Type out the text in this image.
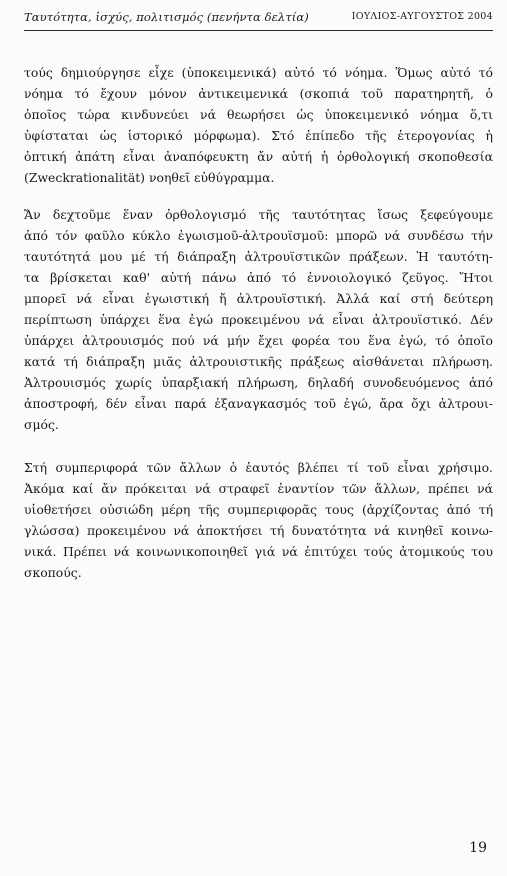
Ταυτότητα, ἰσχύς, πολιτισμός (πενήντα δελτία)	ΙΟΥΛΙΟΣ-ΑΥΓΟΥΣΤΟΣ 2004
τούς δημιούργησε εἶχε (ὑποκειμενικά) αὐτό τό νόημα. Ὅμως αὐτό τό
νόημα τό ἔχουν μόνον ἀντικειμενικά (σκοπιά τοῦ παρατηρητῆ, ὁ
ὁποῖος τώρα κινδυνεύει νά θεωρήσει ὡς ὑποκειμενικό νόημα ὅ,τι
ὑφίσταται ὡς ἱστορικό μόρφωμα). Στό ἐπίπεδο τῆς ἑτερογονίας ἡ
ὀπτική ἀπάτη εἶναι ἀναπόφευκτη ἄν αὐτή ἡ ὀρθολογική σκοποθεσία
(Zweckrationalität) νοηθεῖ εὐθύγραμμα.
Ἄν δεχτοῦμε ἕναν ὀρθολογισμό τῆς ταυτότητας ἴσως ξεφεύγουμε
ἀπό τόν φαῦλο κύκλο ἐγωισμοῦ-ἀλτρουϊσμοῦ: μπορῶ νά συνδέσω τήν
ταυτότητά μου μέ τή διάπραξη ἀλτρουϊστικῶν πράξεων. Ἡ ταυτότη-
τα βρίσκεται καθ' αὑτή πάνω ἀπό τό ἐννοιολογικό ζεῦγος. Ἤτοι
μπορεῖ νά εἶναι ἐγωιστική ἤ ἀλτρουϊστική. Ἀλλά καί στή δεύτερη
περίπτωση ὑπάρχει ἕνα ἐγώ προκειμένου νά εἶναι ἀλτρουϊστικό. Δέν
ὑπάρχει ἀλτρουισμός πού νά μήν ἔχει φορέα του ἕνα ἐγώ, τό ὁποῖο
κατά τή διάπραξη μιᾶς ἀλτρουιστικῆς πράξεως αἰσθάνεται πλήρωση.
Ἀλτρουισμός χωρίς ὑπαρξιακή πλήρωση, δηλαδή συνοδευόμενος ἀπό
ἀποστροφή, δέν εἶναι παρά ἐξαναγκασμός τοῦ ἐγώ, ἄρα ὄχι ἀλτρουι-
σμός.
Στή συμπεριφορά τῶν ἄλλων ὁ ἑαυτός βλέπει τί τοῦ εἶναι χρήσιμο.
Ἀκόμα καί ἄν πρόκειται νά στραφεῖ ἐναντίον τῶν ἄλλων, πρέπει νά
υἱοθετήσει οὐσιώδη μέρη τῆς συμπεριφορᾶς τους (ἀρχίζοντας ἀπό τή
γλώσσα) προκειμένου νά ἀποκτήσει τή δυνατότητα νά κινηθεῖ κοινω-
νικά. Πρέπει νά κοινωνικοποιηθεῖ γιά νά ἐπιτύχει τούς ἀτομικούς του
σκοπούς.
19
